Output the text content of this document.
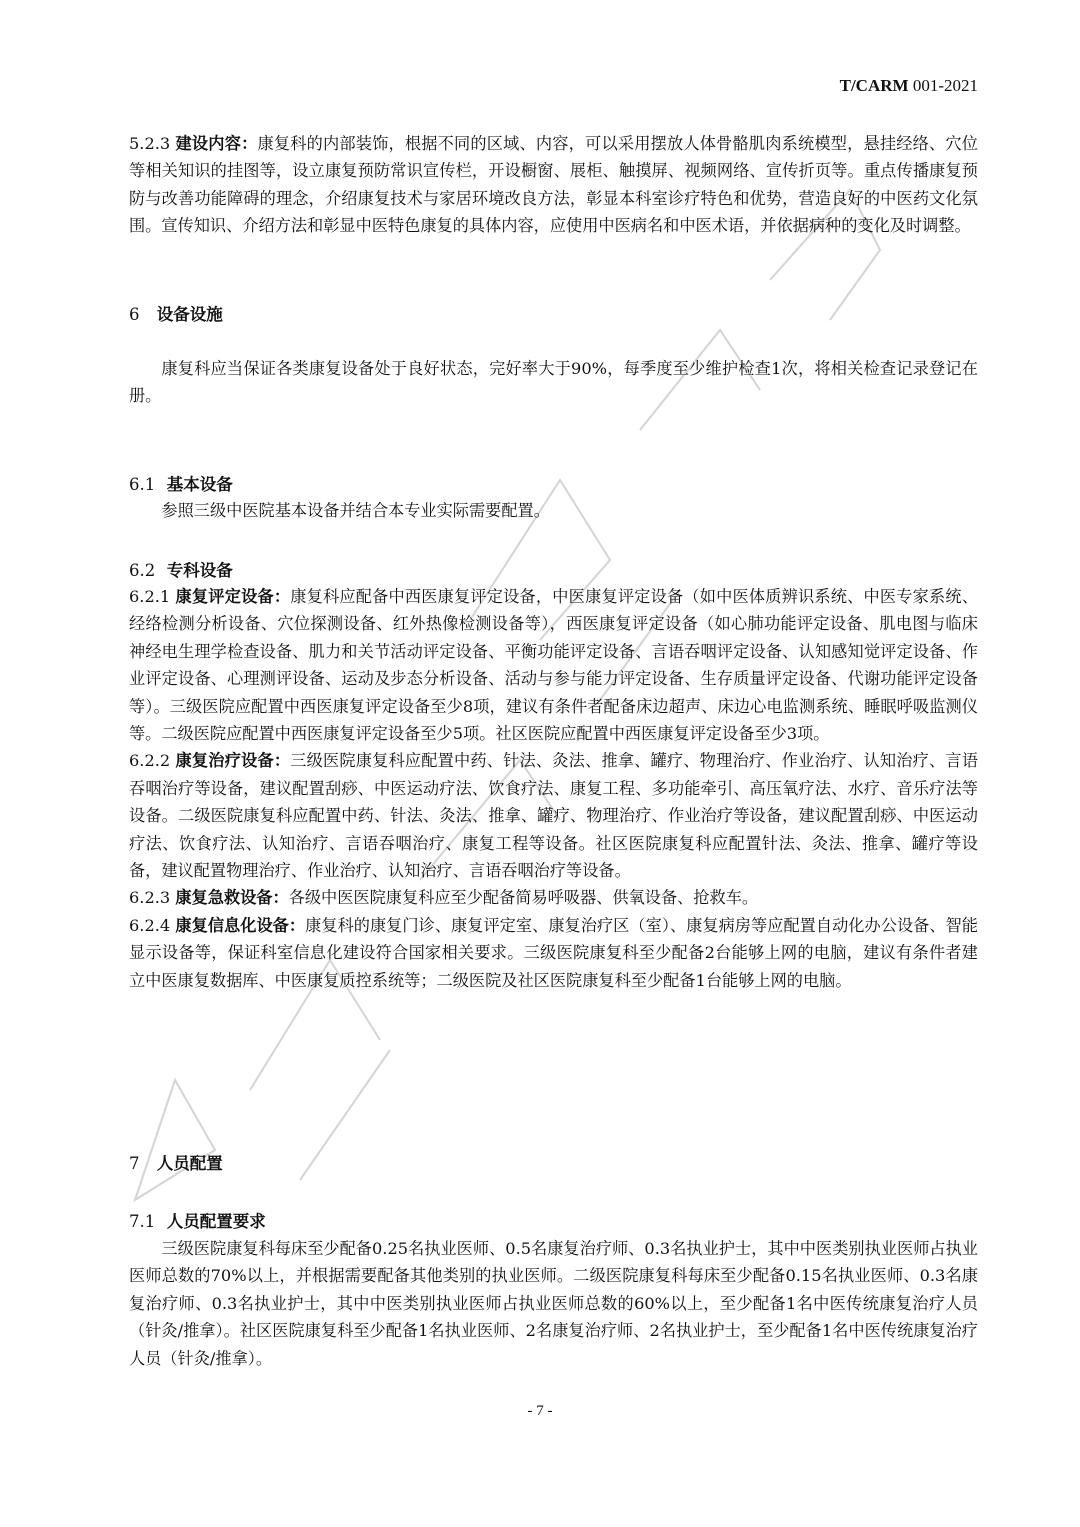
T/CARM 001-2021

5.2.3 建设内容：康复科的内部装饰，根据不同的区域、内容，可以采用摆放人体骨骼肌肉系统模型，悬挂经络、穴位等相关知识的挂图等，设立康复预防常识宣传栏，开设橱窗、展柜、触摸屏、视频网络、宣传折页等。重点传播康复预防与改善功能障碍的理念，介绍康复技术与家居环境改良方法，彰显本科室诊疗特色和优势，营造良好的中医药文化氛围。宣传知识、介绍方法和彰显中医特色康复的具体内容，应使用中医病名和中医术语，并依据病种的变化及时调整。

6 设备设施

康复科应当保证各类康复设备处于良好状态，完好率大于90%，每季度至少维护检查1次，将相关检查记录登记在册。

6.1 基本设备

参照三级中医院基本设备并结合本专业实际需要配置。

6.2 专科设备

6.2.1 康复评定设备：康复科应配备中西医康复评定设备，中医康复评定设备（如中医体质辨识系统、中医专家系统、经络检测分析设备、穴位探测设备、红外热像检测设备等），西医康复评定设备（如心肺功能评定设备、肌电图与临床神经电生理学检查设备、肌力和关节活动评定设备、平衡功能评定设备、言语吞咽评定设备、认知感知觉评定设备、作业评定设备、心理测评设备、运动及步态分析设备、活动与参与能力评定设备、生存质量评定设备、代谢功能评定设备等）。三级医院应配置中西医康复评定设备至少8项，建议有条件者配备床边超声、床边心电监测系统、睡眠呼吸监测仪等。二级医院应配置中西医康复评定设备至少5项。社区医院应配置中西医康复评定设备至少3项。

6.2.2 康复治疗设备：三级医院康复科应配置中药、针法、灸法、推拿、罐疗、物理治疗、作业治疗、认知治疗、言语吞咽治疗等设备，建议配置刮痧、中医运动疗法、饮食疗法、康复工程、多功能牵引、高压氧疗法、水疗、音乐疗法等设备。二级医院康复科应配置中药、针法、灸法、推拿、罐疗、物理治疗、作业治疗等设备，建议配置刮痧、中医运动疗法、饮食疗法、认知治疗、言语吞咽治疗、康复工程等设备。社区医院康复科应配置针法、灸法、推拿、罐疗等设备，建议配置物理治疗、作业治疗、认知治疗、言语吞咽治疗等设备。

6.2.3 康复急救设备：各级中医医院康复科应至少配备简易呼吸器、供氧设备、抢救车。

6.2.4 康复信息化设备：康复科的康复门诊、康复评定室、康复治疗区（室）、康复病房等应配置自动化办公设备、智能显示设备等，保证科室信息化建设符合国家相关要求。三级医院康复科至少配备2台能够上网的电脑，建议有条件者建立中医康复数据库、中医康复质控系统等；二级医院及社区医院康复科至少配备1台能够上网的电脑。

7 人员配置

7.1 人员配置要求

三级医院康复科每床至少配备0.25名执业医师、0.5名康复治疗师、0.3名执业护士，其中中医类别执业医师占执业医师总数的70%以上，并根据需要配备其他类别的执业医师。二级医院康复科每床至少配备0.15名执业医师、0.3名康复治疗师、0.3名执业护士，其中中医类别执业医师占执业医师总数的60%以上，至少配备1名中医传统康复治疗人员（针灸/推拿）。社区医院康复科至少配备1名执业医师、2名康复治疗师、2名执业护士，至少配备1名中医传统康复治疗人员（针灸/推拿）。

- 7 -
